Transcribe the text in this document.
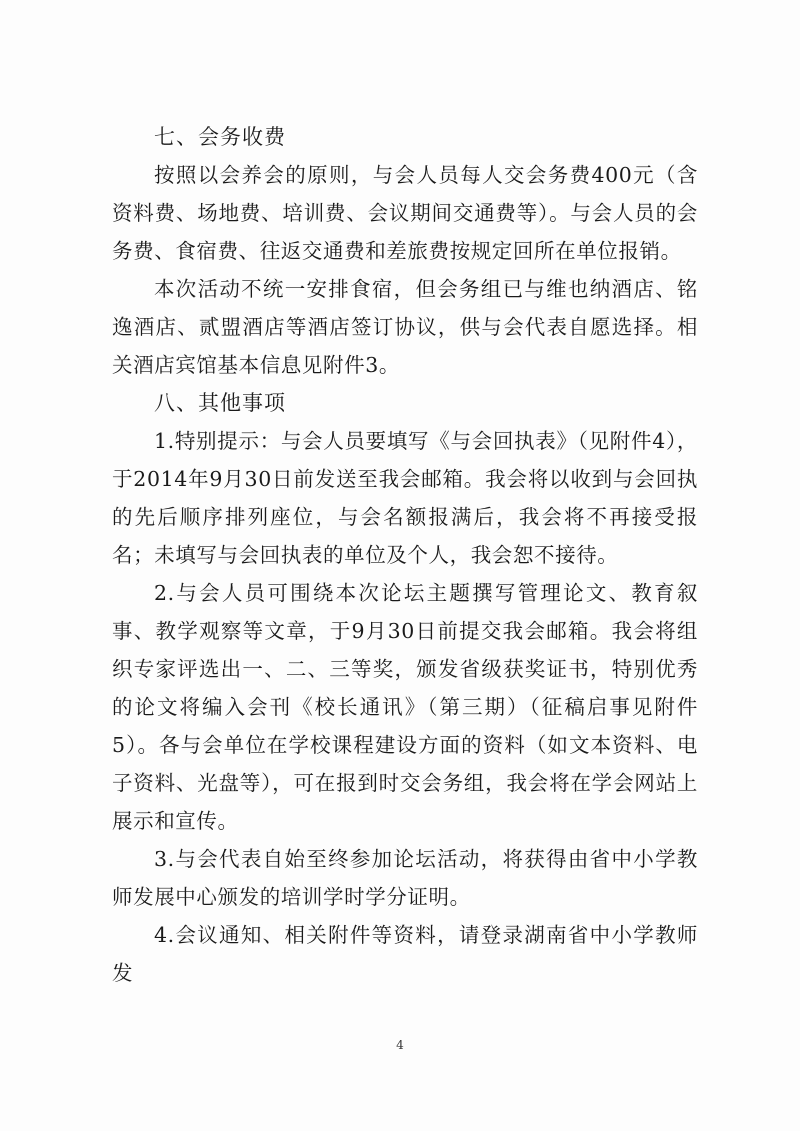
七、会务收费

按照以会养会的原则，与会人员每人交会务费400元（含资料费、场地费、培训费、会议期间交通费等）。与会人员的会务费、食宿费、往返交通费和差旅费按规定回所在单位报销。

本次活动不统一安排食宿，但会务组已与维也纳酒店、铭逸酒店、贰盟酒店等酒店签订协议，供与会代表自愿选择。相关酒店宾馆基本信息见附件3。

八、其他事项

1.特别提示：与会人员要填写《与会回执表》（见附件4），于2014年9月30日前发送至我会邮箱。我会将以收到与会回执的先后顺序排列座位，与会名额报满后，我会将不再接受报名；未填写与会回执表的单位及个人，我会恕不接待。

2.与会人员可围绕本次论坛主题撰写管理论文、教育叙事、教学观察等文章，于9月30日前提交我会邮箱。我会将组织专家评选出一、二、三等奖，颁发省级获奖证书，特别优秀的论文将编入会刊《校长通讯》（第三期）（征稿启事见附件5）。各与会单位在学校课程建设方面的资料（如文本资料、电子资料、光盘等），可在报到时交会务组，我会将在学会网站上展示和宣传。

3.与会代表自始至终参加论坛活动，将获得由省中小学教师发展中心颁发的培训学时学分证明。

4.会议通知、相关附件等资料，请登录湖南省中小学教师发

4
